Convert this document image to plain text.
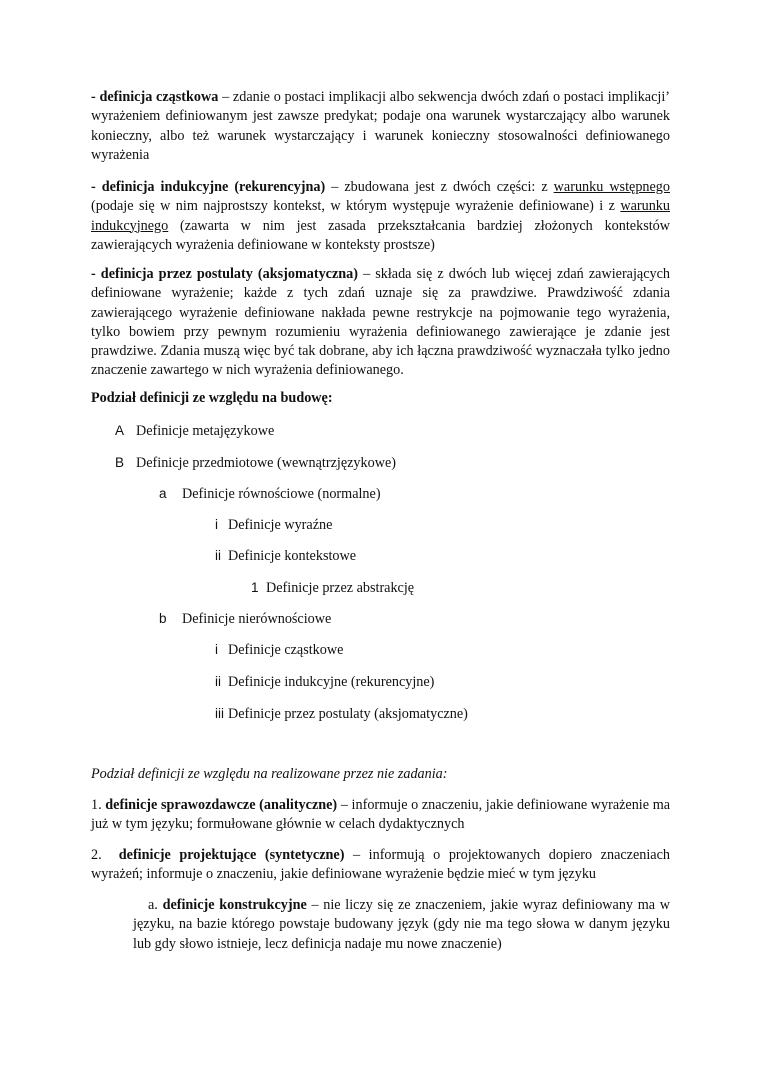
- definicja cząstkowa – zdanie o postaci implikacji albo sekwencja dwóch zdań o postaci implikacji’ wyrażeniem definiowanym jest zawsze predykat; podaje ona warunek wystarczający albo warunek konieczny, albo też warunek wystarczający i warunek konieczny stosowalności definiowanego wyrażenia

- definicja indukcyjne (rekurencyjna) – zbudowana jest z dwóch części: z warunku wstępnego (podaje się w nim najprostszy kontekst, w którym występuje wyrażenie definiowane) i z warunku indukcyjnego (zawarta w nim jest zasada przekształcania bardziej złożonych kontekstów zawierających wyrażenia definiowane w konteksty prostsze)

- definicja przez postulaty (aksjomatyczna) – składa się z dwóch lub więcej zdań zawierających definiowane wyrażenie; każde z tych zdań uznaje się za prawdziwe. Prawdziwość zdania zawierającego wyrażenie definiowane nakłada pewne restrykcje na pojmowanie tego wyrażenia, tylko bowiem przy pewnym rozumieniu wyrażenia definiowanego zawierające je zdanie jest prawdziwe. Zdania muszą więc być tak dobrane, aby ich łączna prawdziwość wyznaczała tylko jedno znaczenie zawartego w nich wyrażenia definiowanego.

Podział definicji ze względu na budowę:

A Definicje metajęzykowe
B Definicje przedmiotowe (wewnątrzjęzykowe)
a Definicje równościowe (normalne)
i Definicje wyraźne
ii Definicje kontekstowe
1 Definicje przez abstrakcję
b Definicje nierównościowe
i Definicje cząstkowe
ii Definicje indukcyjne (rekurencyjne)
iii Definicje przez postulaty (aksjomatyczne)

Podział definicji ze względu na realizowane przez nie zadania:

1. definicje sprawozdawcze (analityczne) – informuje o znaczeniu, jakie definiowane wyrażenie ma już w tym języku; formułowane głównie w celach dydaktycznych

2. definicje projektujące (syntetyczne) – informują o projektowanych dopiero znaczeniach wyrażeń; informuje o znaczeniu, jakie definiowane wyrażenie będzie mieć w tym języku

a. definicje konstrukcyjne – nie liczy się ze znaczeniem, jakie wyraz definiowany ma w języku, na bazie którego powstaje budowany język (gdy nie ma tego słowa w danym języku lub gdy słowo istnieje, lecz definicja nadaje mu nowe znaczenie)
